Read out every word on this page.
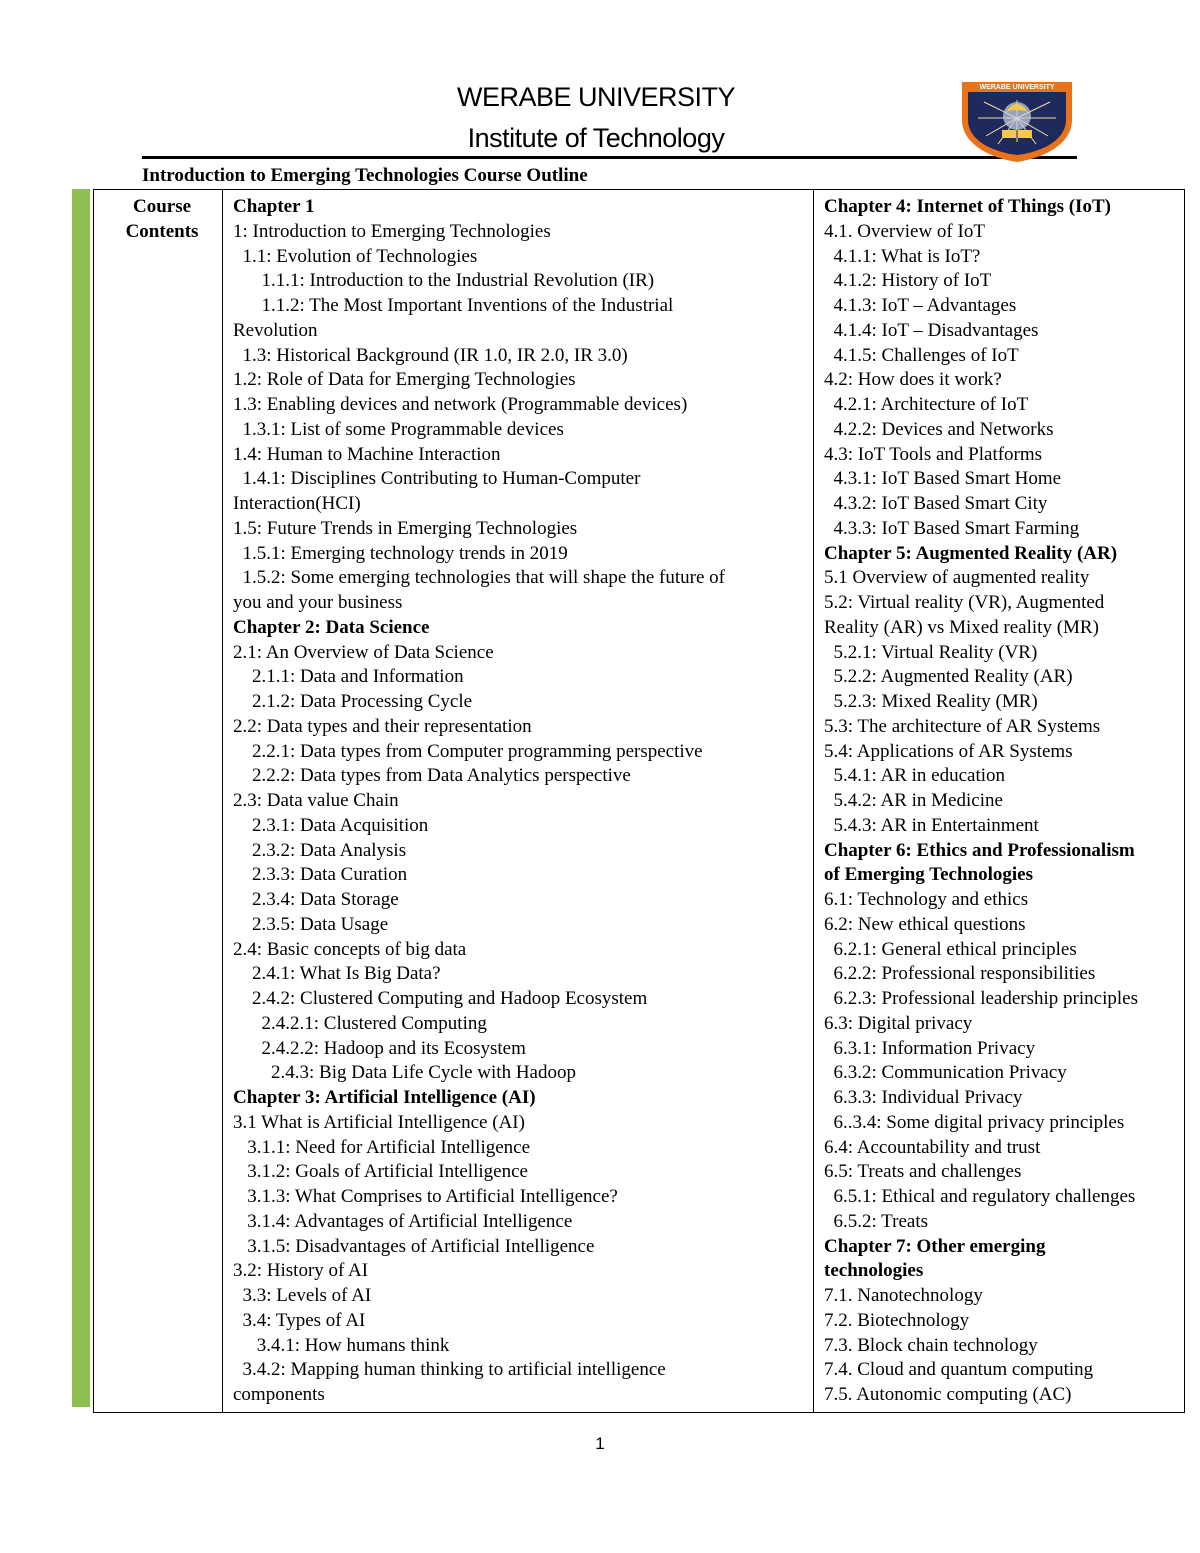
WERABE UNIVERSITY
Institute of Technology
WERABE UNIVERSITY
Introduction to Emerging Technologies Course Outline
Course
Contents	
Chapter 1
1: Introduction to Emerging Technologies
1.1: Evolution of Technologies
1.1.1: Introduction to the Industrial Revolution (IR)
1.1.2: The Most Important Inventions of the Industrial
Revolution
1.3: Historical Background (IR 1.0, IR 2.0, IR 3.0)
1.2: Role of Data for Emerging Technologies
1.3: Enabling devices and network (Programmable devices)
1.3.1: List of some Programmable devices
1.4: Human to Machine Interaction
1.4.1: Disciplines Contributing to Human-Computer
Interaction(HCI)
1.5: Future Trends in Emerging Technologies
1.5.1: Emerging technology trends in 2019
1.5.2: Some emerging technologies that will shape the future of
you and your business
Chapter 2: Data Science
2.1: An Overview of Data Science
2.1.1: Data and Information
2.1.2: Data Processing Cycle
2.2: Data types and their representation
2.2.1: Data types from Computer programming perspective
2.2.2: Data types from Data Analytics perspective
2.3: Data value Chain
2.3.1: Data Acquisition
2.3.2: Data Analysis
2.3.3: Data Curation
2.3.4: Data Storage
2.3.5: Data Usage
2.4: Basic concepts of big data
2.4.1: What Is Big Data?
2.4.2: Clustered Computing and Hadoop Ecosystem
2.4.2.1: Clustered Computing
2.4.2.2: Hadoop and its Ecosystem
2.4.3: Big Data Life Cycle with Hadoop
Chapter 3: Artificial Intelligence (AI)
3.1 What is Artificial Intelligence (AI)
3.1.1: Need for Artificial Intelligence
3.1.2: Goals of Artificial Intelligence
3.1.3: What Comprises to Artificial Intelligence?
3.1.4: Advantages of Artificial Intelligence
3.1.5: Disadvantages of Artificial Intelligence
3.2: History of AI
3.3: Levels of AI
3.4: Types of AI
3.4.1: How humans think
3.4.2: Mapping human thinking to artificial intelligence
components

Chapter 4: Internet of Things (IoT)
4.1. Overview of IoT
4.1.1: What is IoT?
4.1.2: History of IoT
4.1.3: IoT – Advantages
4.1.4: IoT – Disadvantages
4.1.5: Challenges of IoT
4.2: How does it work?
4.2.1: Architecture of IoT
4.2.2: Devices and Networks
4.3: IoT Tools and Platforms
4.3.1: IoT Based Smart Home
4.3.2: IoT Based Smart City
4.3.3: IoT Based Smart Farming
Chapter 5: Augmented Reality (AR)
5.1 Overview of augmented reality
5.2: Virtual reality (VR), Augmented
Reality (AR) vs Mixed reality (MR)
5.2.1: Virtual Reality (VR)
5.2.2: Augmented Reality (AR)
5.2.3: Mixed Reality (MR)
5.3: The architecture of AR Systems
5.4: Applications of AR Systems
5.4.1: AR in education
5.4.2: AR in Medicine
5.4.3: AR in Entertainment
Chapter 6: Ethics and Professionalism
of Emerging Technologies
6.1: Technology and ethics
6.2: New ethical questions
6.2.1: General ethical principles
6.2.2: Professional responsibilities
6.2.3: Professional leadership principles
6.3: Digital privacy
6.3.1: Information Privacy
6.3.2: Communication Privacy
6.3.3: Individual Privacy
6..3.4: Some digital privacy principles
6.4: Accountability and trust
6.5: Treats and challenges
6.5.1: Ethical and regulatory challenges
6.5.2: Treats
Chapter 7: Other emerging
technologies
7.1. Nanotechnology
7.2. Biotechnology
7.3. Block chain technology
7.4. Cloud and quantum computing
7.5. Autonomic computing (AC)
1
